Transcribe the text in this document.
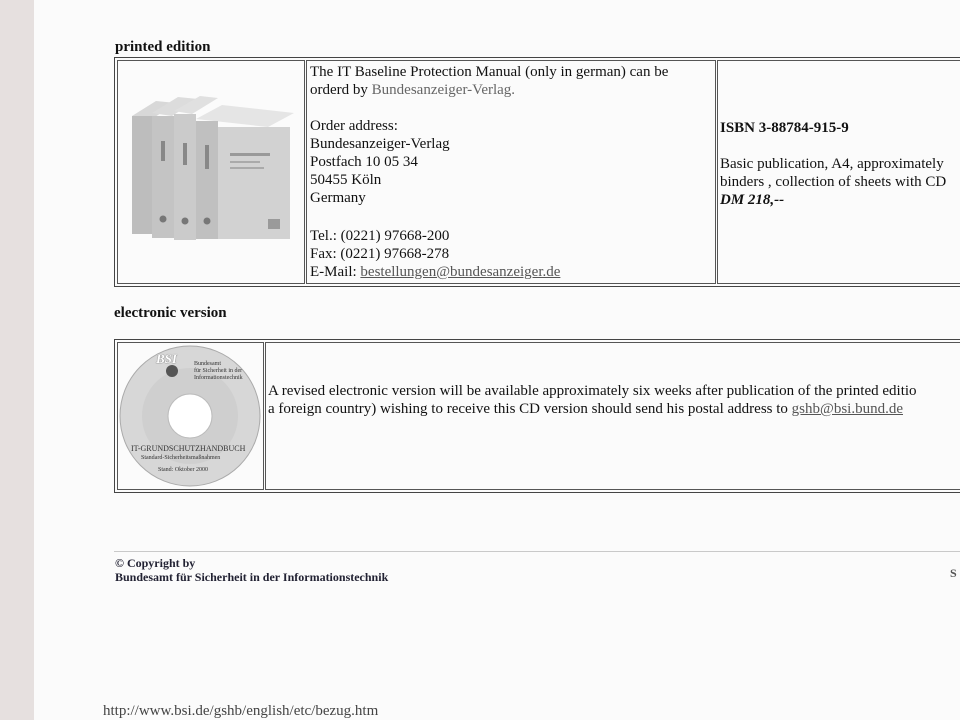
printed edition
The IT Baseline Protection Manual (only in german) can be
orderd by Bundesanzeiger-Verlag.
Order address:
Bundesanzeiger-Verlag
Postfach 10 05 34
50455 Köln
Germany
Tel.: (0221) 97668-200
Fax: (0221) 97668-278
E-Mail: bestellungen@bundesanzeiger.de
ISBN 3-88784-915-9
Basic publication, A4, approximately
binders , collection of sheets with CD
DM 218,--
electronic version
BSI	Bundesamt
für Sicherheit in der
Informationstechnik
IT-GRUNDSCHUTZHANDBUCH
Standard-Sicherheitsmaßnahmen
Stand: Oktober 2000
A revised electronic version will be available approximately six weeks after publication of the printed editio
a foreign country) wishing to receive this CD version should send his postal address to gshb@bsi.bund.de
© Copyright by
Bundesamt für Sicherheit in der Informationstechnik	S
http://www.bsi.de/gshb/english/etc/bezug.htm
